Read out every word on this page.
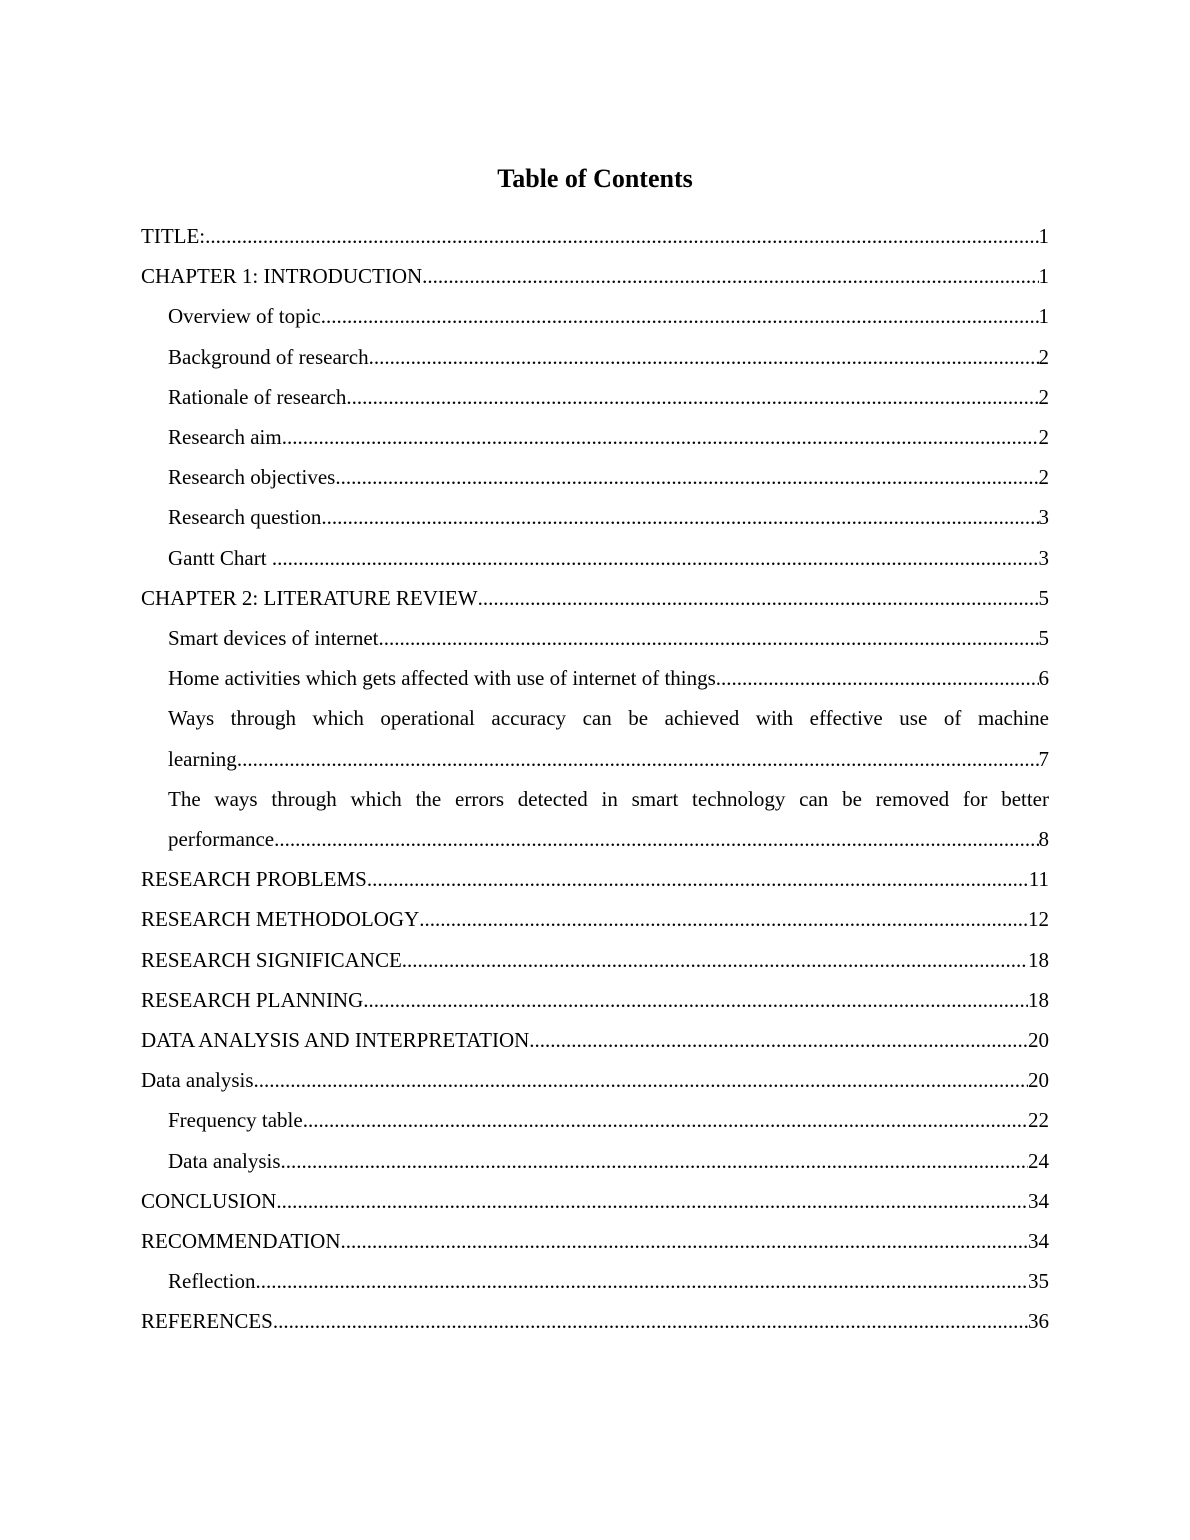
Table of Contents
TITLE: .....	1
CHAPTER 1: INTRODUCTION .....	1
Overview of topic .....	1
Background of research .....	2
Rationale of research .....	2
Research aim .....	2
Research objectives .....	2
Research question .....	3
Gantt Chart .....	3
CHAPTER 2: LITERATURE REVIEW .....	5
Smart devices of internet .....	5
Home activities which gets affected with use of internet of things .....	6
Ways through which operational accuracy can be achieved with effective use of machine
learning .....	7
The ways through which the errors detected in smart technology can be removed for better
performance .....	8
RESEARCH PROBLEMS .....	11
RESEARCH METHODOLOGY .....	12
RESEARCH SIGNIFICANCE .....	18
RESEARCH PLANNING .....	18
DATA ANALYSIS AND INTERPRETATION .....	20
Data analysis .....	20
Frequency table .....	22
Data analysis .....	24
CONCLUSION .....	34
RECOMMENDATION .....	34
Reflection .....	35
REFERENCES .....	36
